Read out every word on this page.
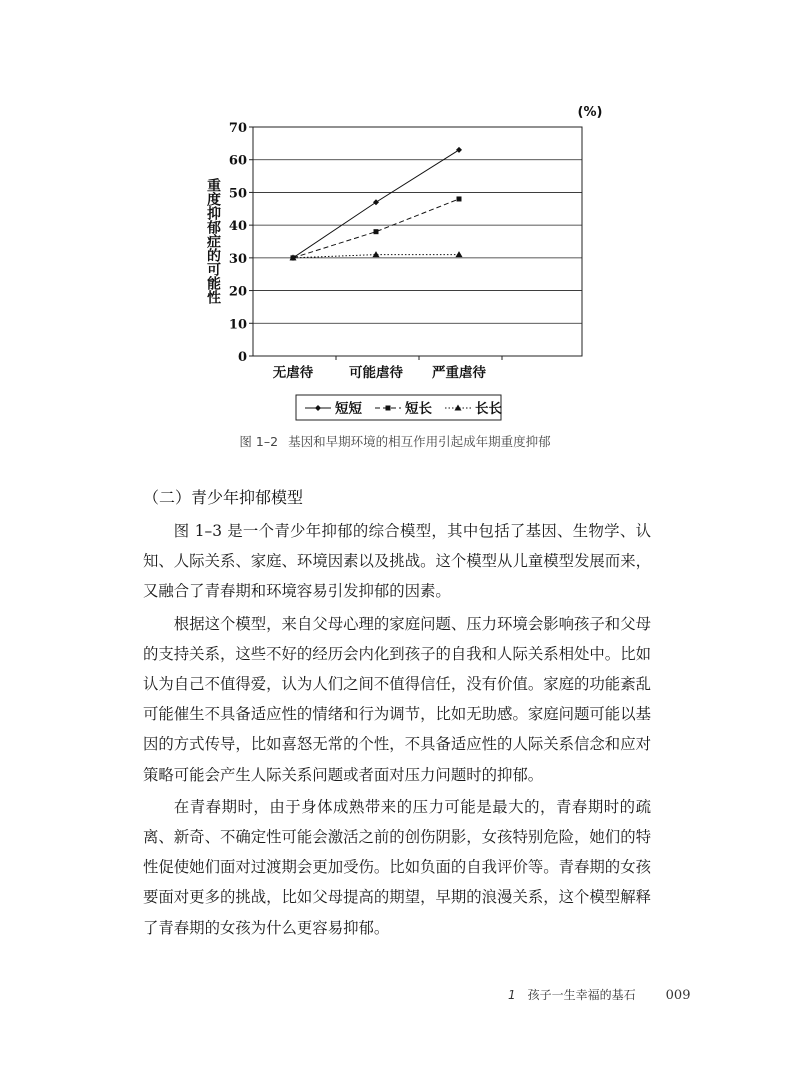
0
10
20
30
40
50
60
70
无虐待	可能虐待 严重虐待
(%)
重度抑郁症的可能性
短短	短长	长长
图 1–2 基因和早期环境的相互作用引起成年期重度抑郁
（二）青少年抑郁模型

图 1–3 是一个青少年抑郁的综合模型，其中包括了基因、生物学、认知、人际关系、家庭、环境因素以及挑战。这个模型从儿童模型发展而来，又融合了青春期和环境容易引发抑郁的因素。

根据这个模型，来自父母心理的家庭问题、压力环境会影响孩子和父母的支持关系，这些不好的经历会内化到孩子的自我和人际关系相处中。比如认为自己不值得爱，认为人们之间不值得信任，没有价值。家庭的功能紊乱可能催生不具备适应性的情绪和行为调节，比如无助感。家庭问题可能以基因的方式传导，比如喜怒无常的个性，不具备适应性的人际关系信念和应对策略可能会产生人际关系问题或者面对压力问题时的抑郁。

在青春期时，由于身体成熟带来的压力可能是最大的，青春期时的疏离、新奇、不确定性可能会激活之前的创伤阴影，女孩特别危险，她们的特性促使她们面对过渡期会更加受伤。比如负面的自我评价等。青春期的女孩要面对更多的挑战，比如父母提高的期望，早期的浪漫关系，这个模型解释了青春期的女孩为什么更容易抑郁。

1 孩子一生幸福的基石 009
